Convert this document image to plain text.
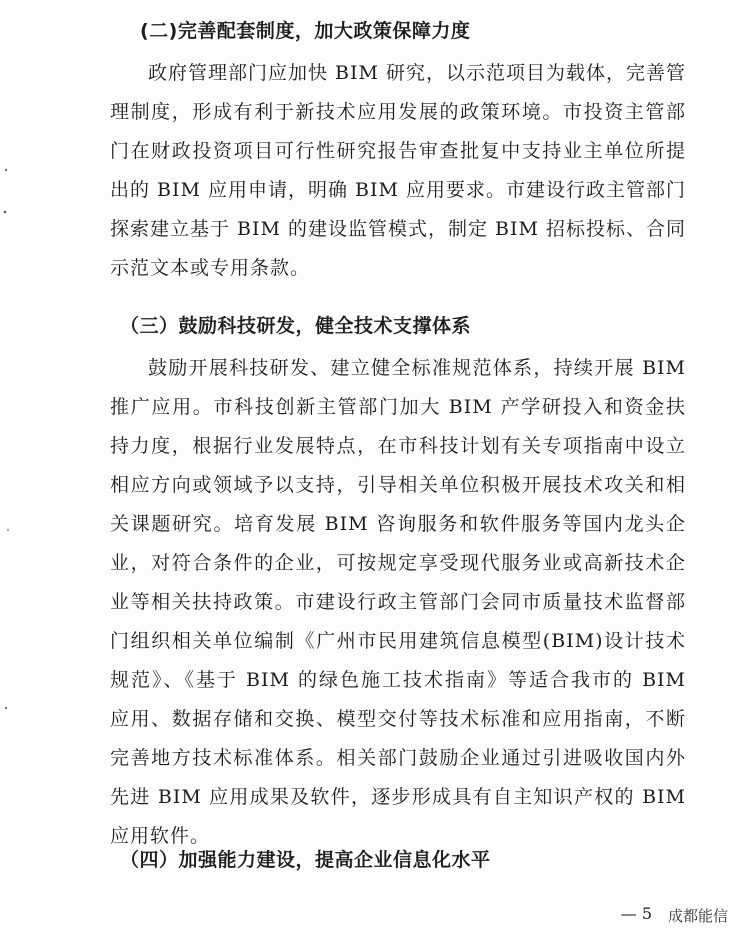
(二)完善配套制度，加大政策保障力度
政府管理部门应加快 BIM 研究，以示范项目为载体，完善管理制度，形成有利于新技术应用发展的政策环境。市投资主管部门在财政投资项目可行性研究报告审查批复中支持业主单位所提出的 BIM 应用申请，明确 BIM 应用要求。市建设行政主管部门探索建立基于 BIM 的建设监管模式，制定 BIM 招标投标、合同示范文本或专用条款。
（三）鼓励科技研发，健全技术支撑体系
鼓励开展科技研发、建立健全标准规范体系，持续开展 BIM 推广应用。市科技创新主管部门加大 BIM 产学研投入和资金扶持力度，根据行业发展特点，在市科技计划有关专项指南中设立相应方向或领域予以支持，引导相关单位积极开展技术攻关和相关课题研究。培育发展 BIM 咨询服务和软件服务等国内龙头企业，对符合条件的企业，可按规定享受现代服务业或高新技术企业等相关扶持政策。市建设行政主管部门会同市质量技术监督部门组织相关单位编制《广州市民用建筑信息模型(BIM)设计技术规范》、《基于 BIM 的绿色施工技术指南》等适合我市的 BIM 应用、数据存储和交换、模型交付等技术标准和应用指南，不断完善地方技术标准体系。相关部门鼓励企业通过引进吸收国内外先进 BIM 应用成果及软件，逐步形成具有自主知识产权的 BIM应用软件。
（四）加强能力建设，提高企业信息化水平
— 5 成都能信
